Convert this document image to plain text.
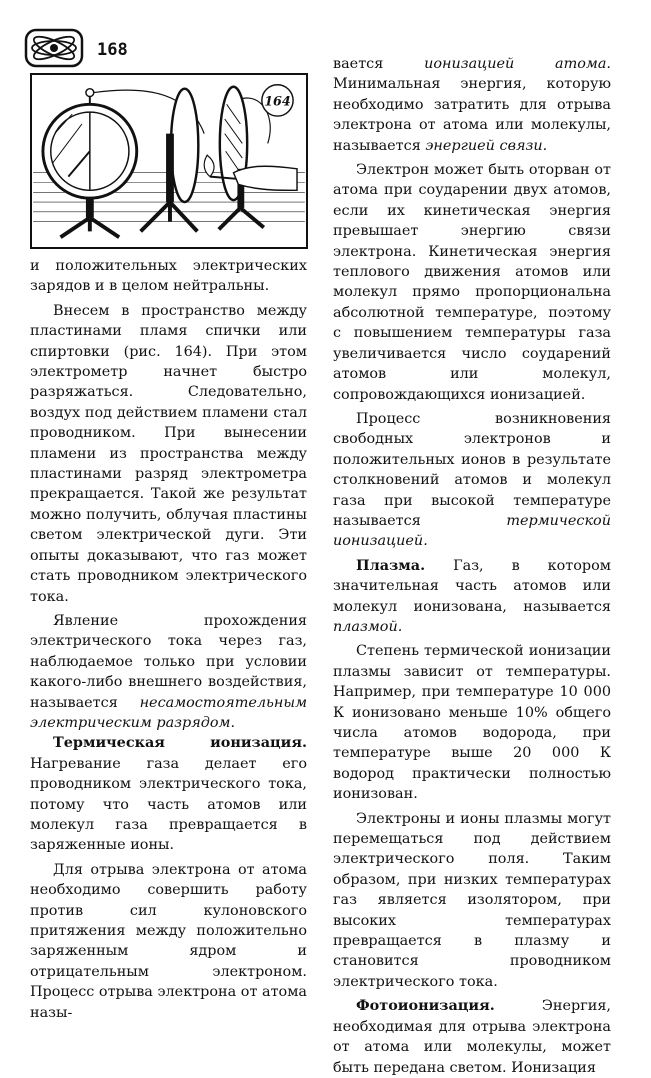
168
164

и положительных электрических зарядов и в целом нейтральны.

Внесем в пространство между пластинами пламя спички или спиртовки (рис. 164). При этом электрометр начнет быстро разряжаться. Следовательно, воздух под действием пламени стал проводником. При вынесении пламени из пространства между пластинами разряд электрометра прекращается. Такой же результат можно получить, облучая пластины светом электрической дуги. Эти опыты доказывают, что газ может стать проводником электрического тока.

Явление прохождения электрического тока через газ, наблюдаемое только при условии какого-либо внешнего воздействия, называется несамостоятельным электрическим разрядом.

Термическая ионизация. Нагревание газа делает его проводником электрического тока, потому что часть атомов или молекул газа превращается в заряженные ионы.

Для отрыва электрона от атома необходимо совершить работу против сил кулоновского притяжения между положительно заряженным ядром и отрицательным электроном. Процесс отрыва электрона от атома назы-

вается ионизацией атома. Минимальная энергия, которую необходимо затратить для отрыва электрона от атома или молекулы, называется энергией связи.

Электрон может быть оторван от атома при соударении двух атомов, если их кинетическая энергия превышает энергию связи электрона. Кинетическая энергия теплового движения атомов или молекул прямо пропорциональна абсолютной температуре, поэтому с повышением температуры газа увеличивается число соударений атомов или молекул, сопровождающихся ионизацией.

Процесс возникновения свободных электронов и положительных ионов в результате столкновений атомов и молекул газа при высокой температуре называется термической ионизацией.

Плазма. Газ, в котором значительная часть атомов или молекул ионизована, называется плазмой.

Степень термической ионизации плазмы зависит от температуры. Например, при температуре 10 000 К ионизовано меньше 10% общего числа атомов водорода, при температуре выше 20 000 К водород практически полностью ионизован.

Электроны и ионы плазмы могут перемещаться под действием электрического поля. Таким образом, при низких температурах газ является изолятором, при высоких температурах превращается в плазму и становится проводником электрического тока.

Фотоионизация. Энергия, необходимая для отрыва электрона от атома или молекулы, может быть передана светом. Ионизация
